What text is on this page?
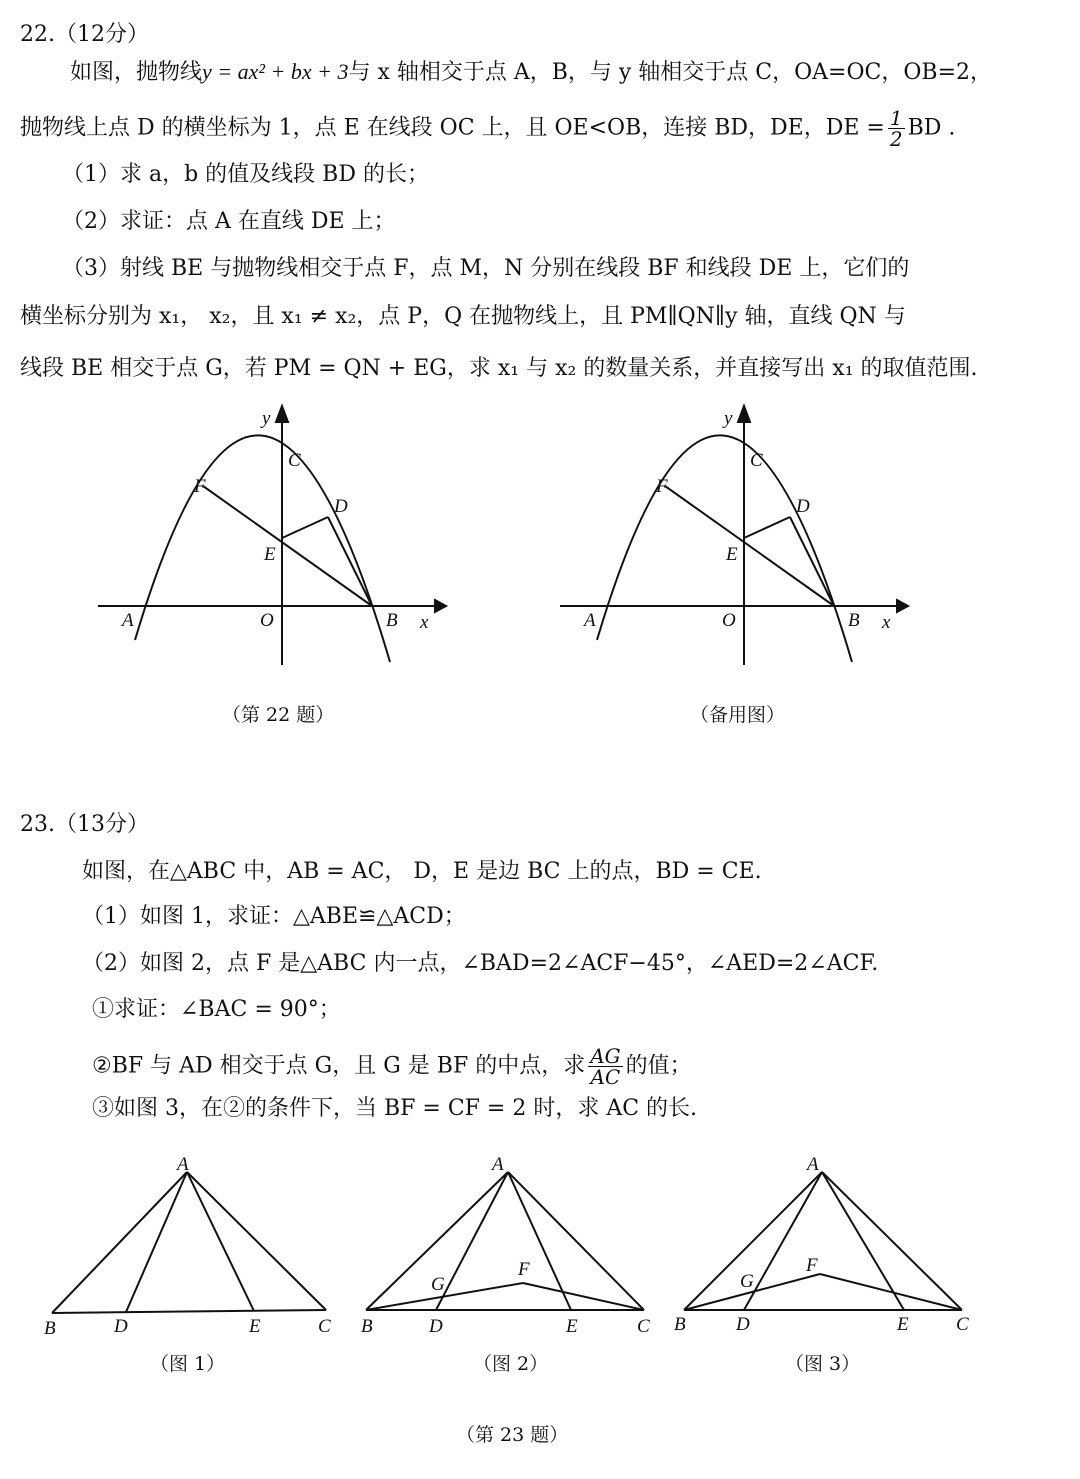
22.（12分）
如图，抛物线y = ax² + bx + 3与 x 轴相交于点 A，B，与 y 轴相交于点 C，OA=OC，OB=2，
抛物线上点 D 的横坐标为 1，点 E 在线段 OC 上，且 OE<OB，连接 BD，DE，DE = $\frac{1}{2}$ BD .
（1）求 a，b 的值及线段 BD 的长；
（2）求证：点 A 在直线 DE 上；
（3）射线 BE 与抛物线相交于点 F，点 M，N 分别在线段 BF 和线段 DE 上，它们的
横坐标分别为 x₁， x₂，且 x₁ ≠ x₂，点 P，Q 在抛物线上，且 PM∥QN∥y 轴，直线 QN 与
线段 BE 相交于点 G，若 PM = QN + EG，求 x₁ 与 x₂ 的数量关系，并直接写出 x₁ 的取值范围.
y
C
F
D
E
A	O	B x
y
C
F
D
E
A	O	B x
（第 22 题）	（备用图）
23.（13分）
如图，在△ABC 中，AB = AC， D，E 是边 BC 上的点，BD = CE.
（1）如图 1，求证：△ABE≌△ACD；
（2）如图 2，点 F 是△ABC 内一点，∠BAD=2∠ACF−45°，∠AED=2∠ACF.
①求证：∠BAC = 90°；
②BF 与 AD 相交于点 G，且 G 是 BF 的中点，求 $\frac{AG}{AC}$ 的值；
③如图 3，在②的条件下，当 BF = CF = 2 时，求 AC 的长.
A
B	D	E	C
A
G
F
B	D	E	C
A
G
F
B	D	E C
（图 1）	（图 2）	（图 3）
（第 23 题）
